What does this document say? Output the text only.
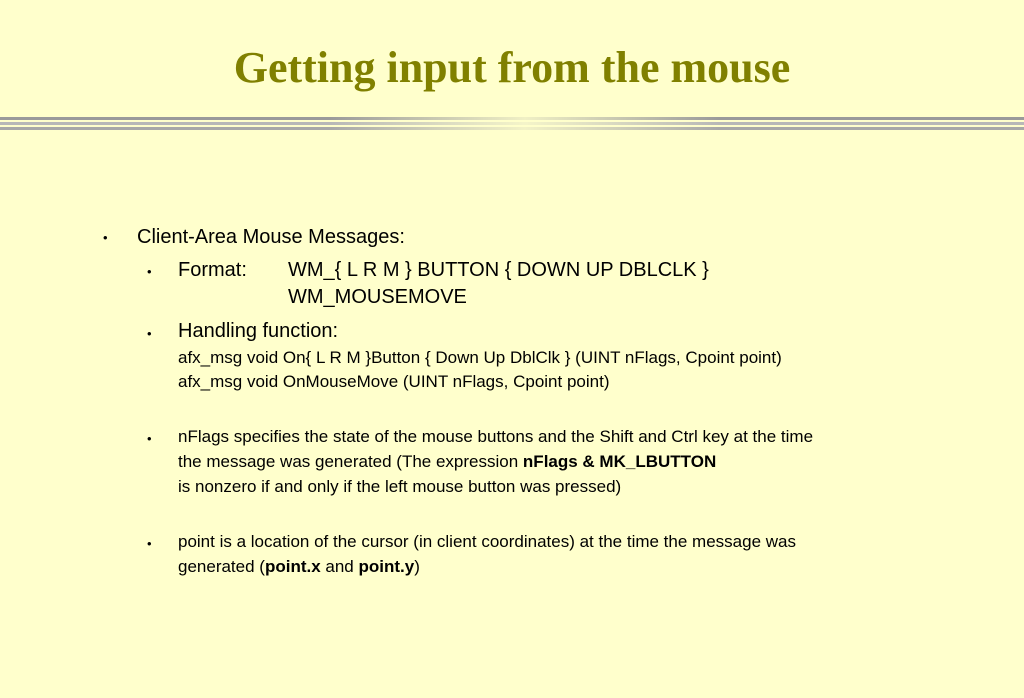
Getting input from the mouse
• Client-Area Mouse Messages:
• Format: WM_{ L R M } BUTTON { DOWN UP DBLCLK }
WM_MOUSEMOVE
• Handling function:
afx_msg void On{ L R M }Button { Down Up DblClk } (UINT nFlags, Cpoint point)
afx_msg void OnMouseMove (UINT nFlags, Cpoint point)
• nFlags specifies the state of the mouse buttons and the Shift and Ctrl key at the time
the message was generated (The expression nFlags & MK_LBUTTON
is nonzero if and only if the left mouse button was pressed)
• point is a location of the cursor (in client coordinates) at the time the message was
generated (point.x and point.y)
